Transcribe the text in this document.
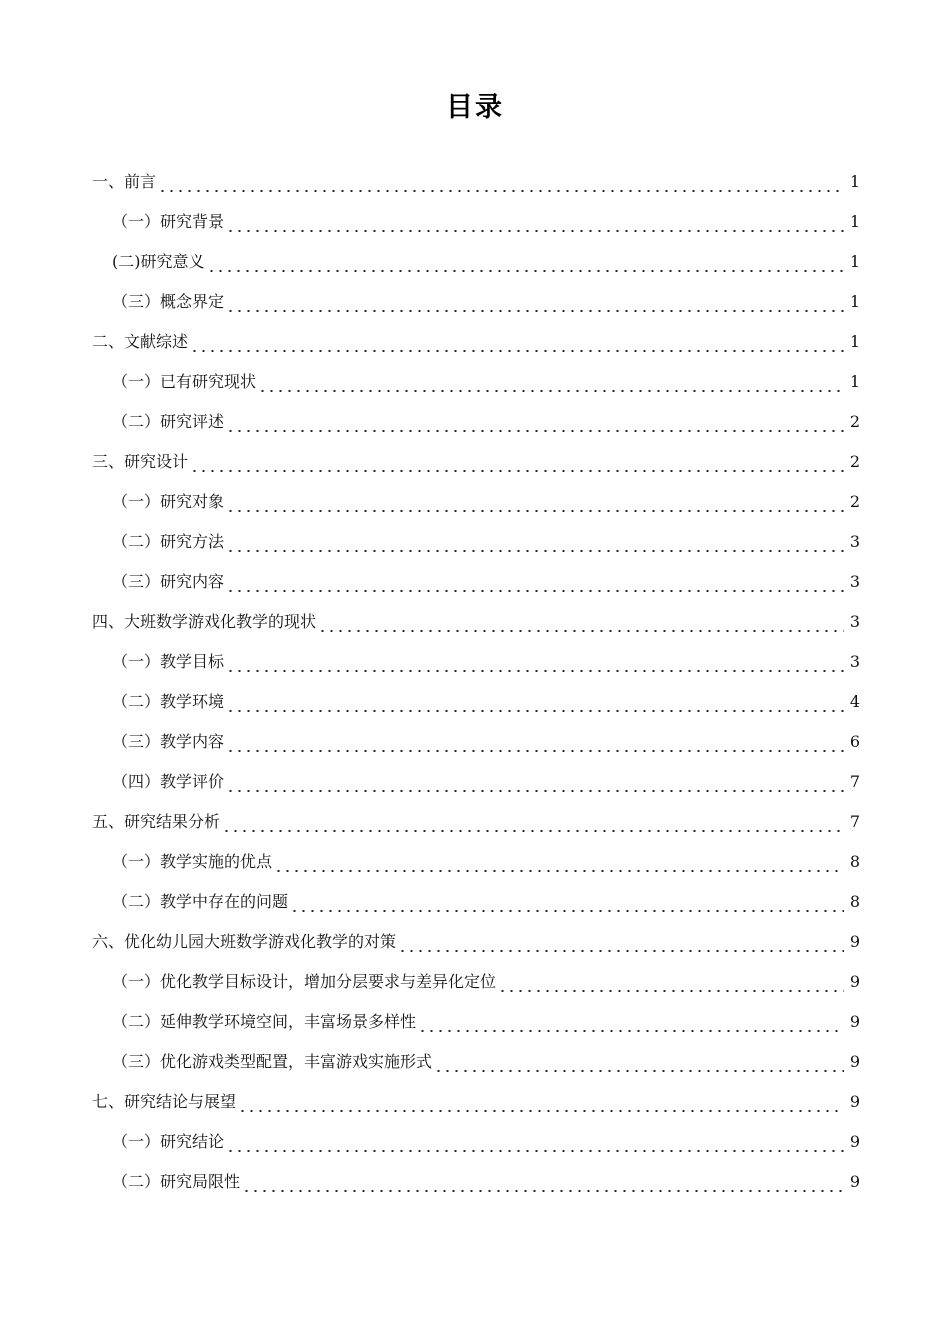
目录
一、前言	1
（一）研究背景	1
(二)研究意义	1
（三）概念界定	1
二、文献综述	1
（一）已有研究现状	1
（二）研究评述	2
三、研究设计	2
（一）研究对象	2
（二）研究方法	3
（三）研究内容	3
四、大班数学游戏化教学的现状	3
（一）教学目标	3
（二）教学环境	4
（三）教学内容	6
（四）教学评价	7
五、研究结果分析	7
（一）教学实施的优点	8
（二）教学中存在的问题	8
六、优化幼儿园大班数学游戏化教学的对策	9
（一）优化教学目标设计，增加分层要求与差异化定位	9
（二）延伸教学环境空间，丰富场景多样性	9
（三）优化游戏类型配置，丰富游戏实施形式	9
七、研究结论与展望	9
（一）研究结论	9
（二）研究局限性	9
